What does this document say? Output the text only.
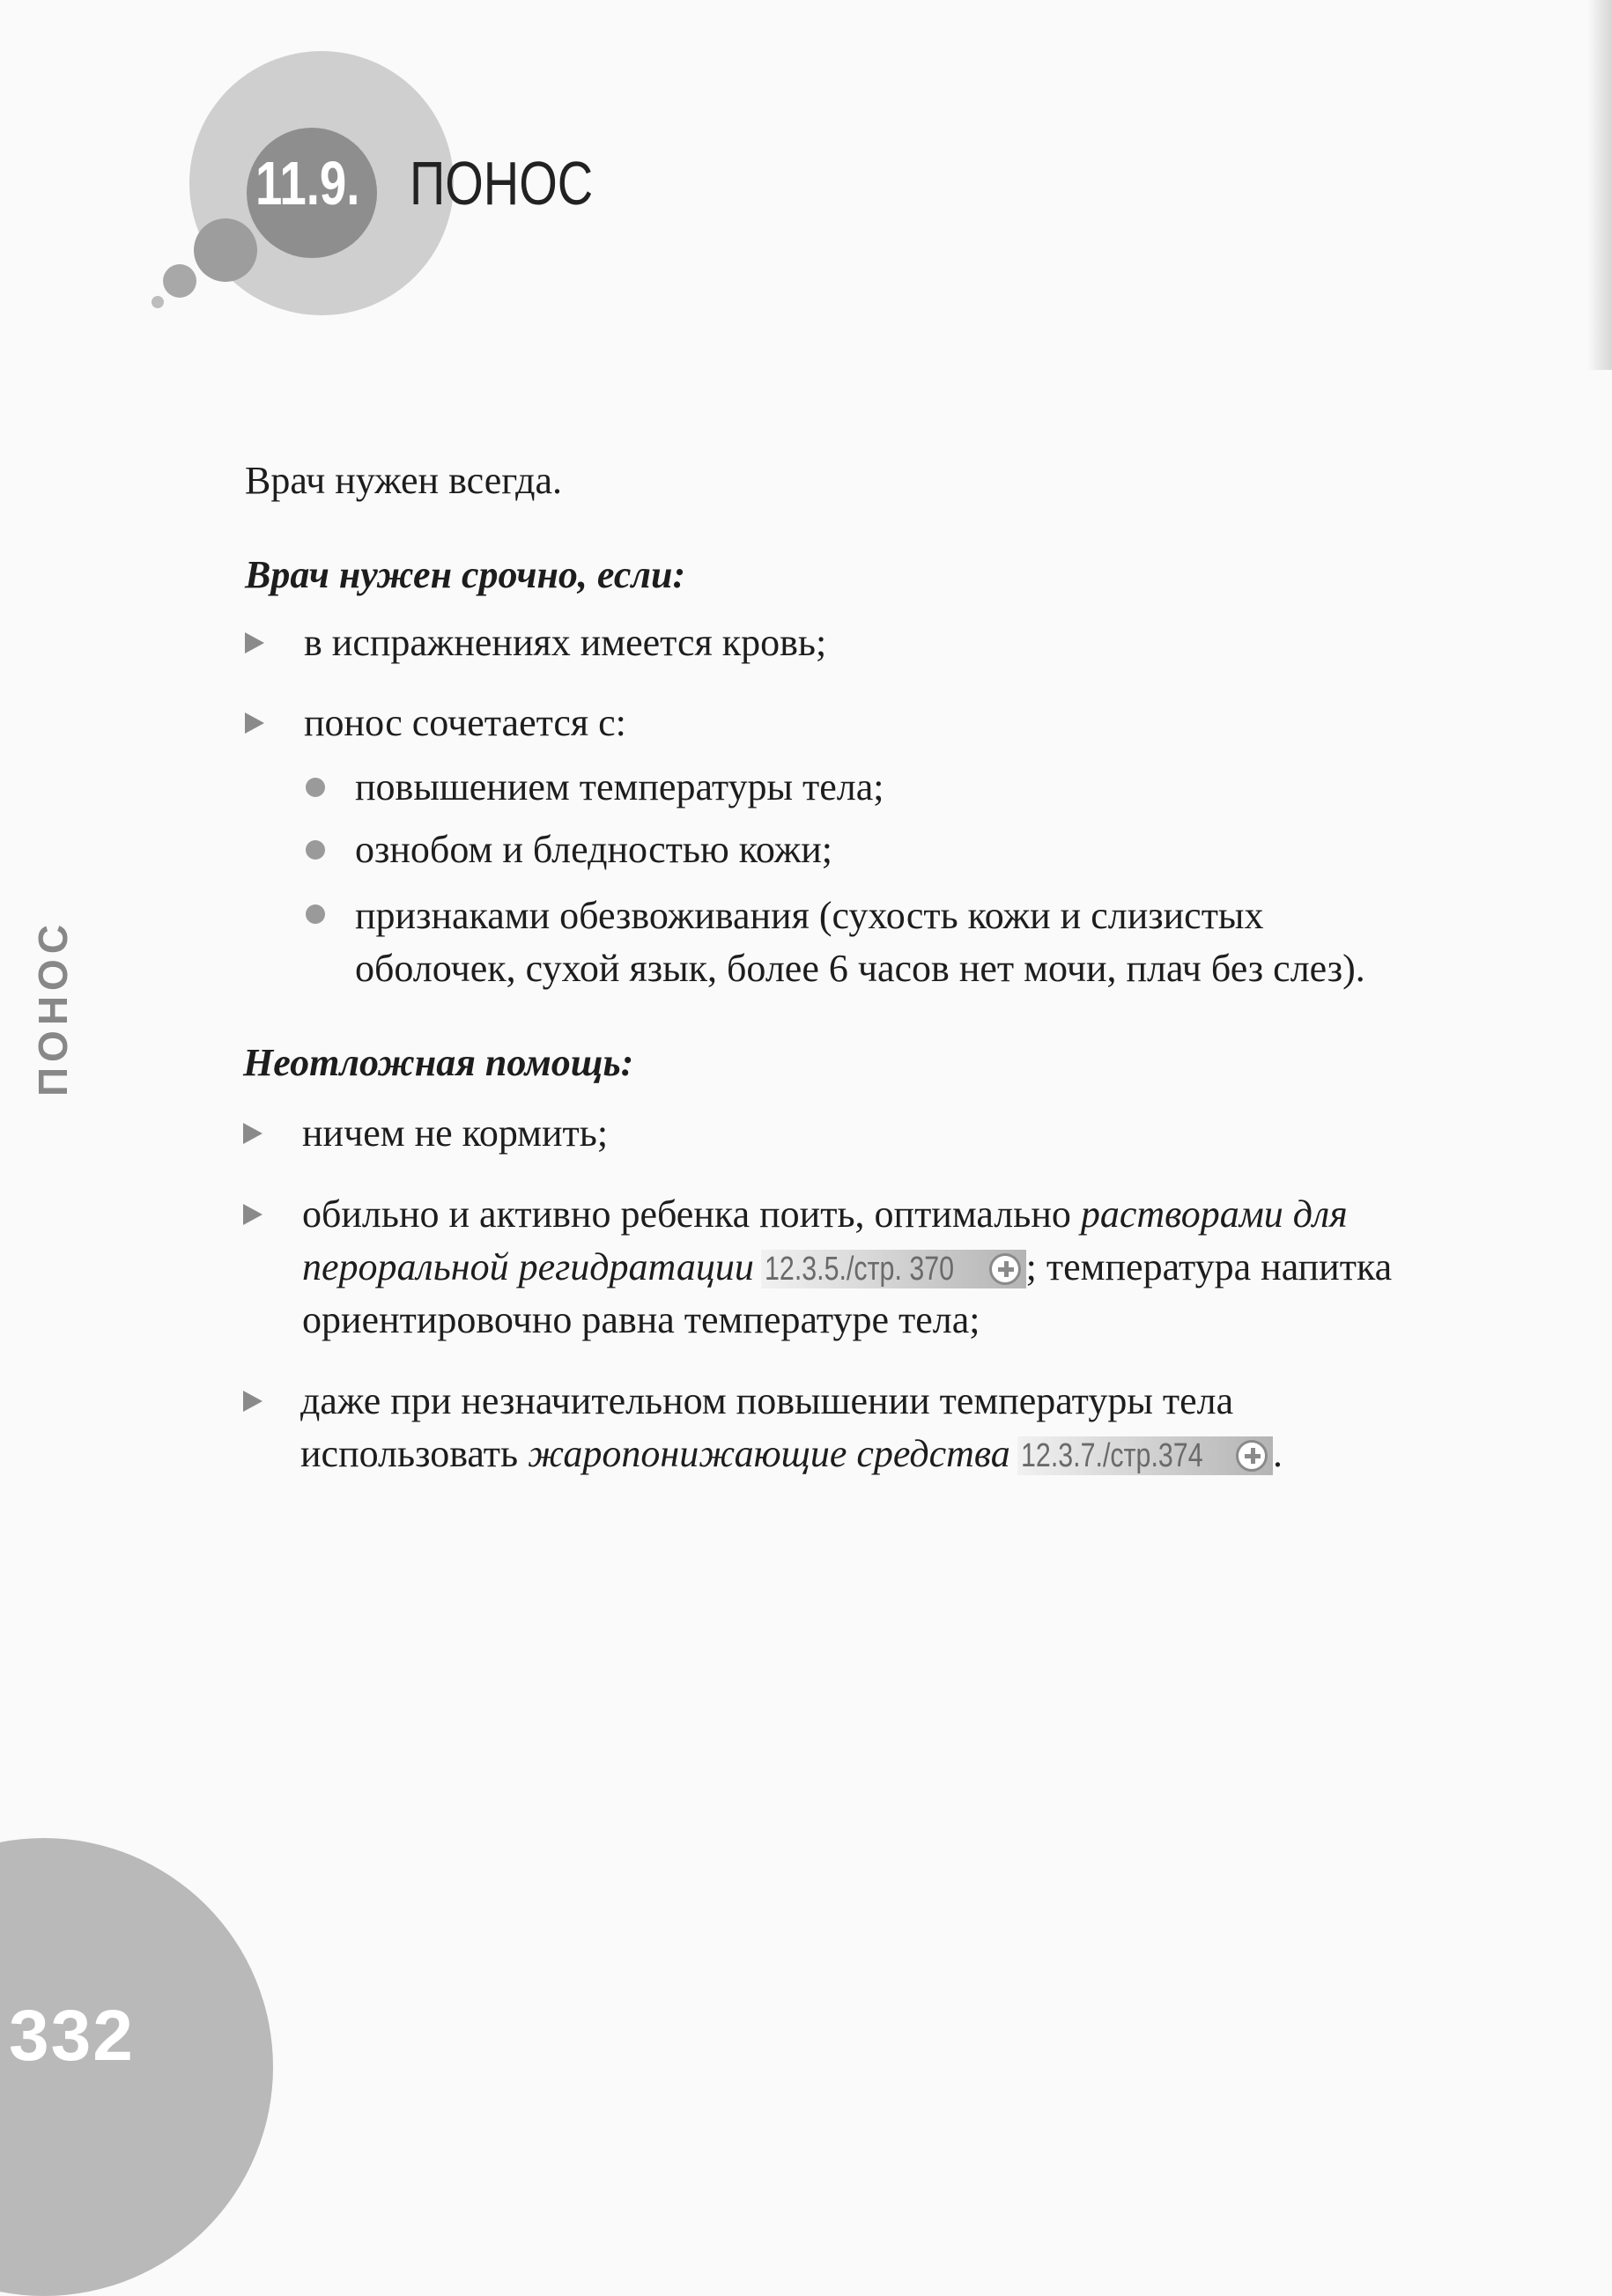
11.9. ПОНОС
Врач нужен всегда.
Врач нужен срочно, если:
в испражнениях имеется кровь;
понос сочетается с:
повышением температуры тела;
ознобом и бледностью кожи;
признаками обезвоживания (сухость кожи и слизистых
оболочек, сухой язык, более 6 часов нет мочи, плач без слез).
Неотложная помощь:
ничем не кормить;
обильно и активно ребенка поить, оптимально растворами для
пероральной регидратации 12.3.5./стр. 370 ; температура напитка
ориентировочно равна температуре тела;
даже при незначительном повышении температуры тела
использовать жаропонижающие средства 12.3.7./стр.374 .
ПОНОС
332
